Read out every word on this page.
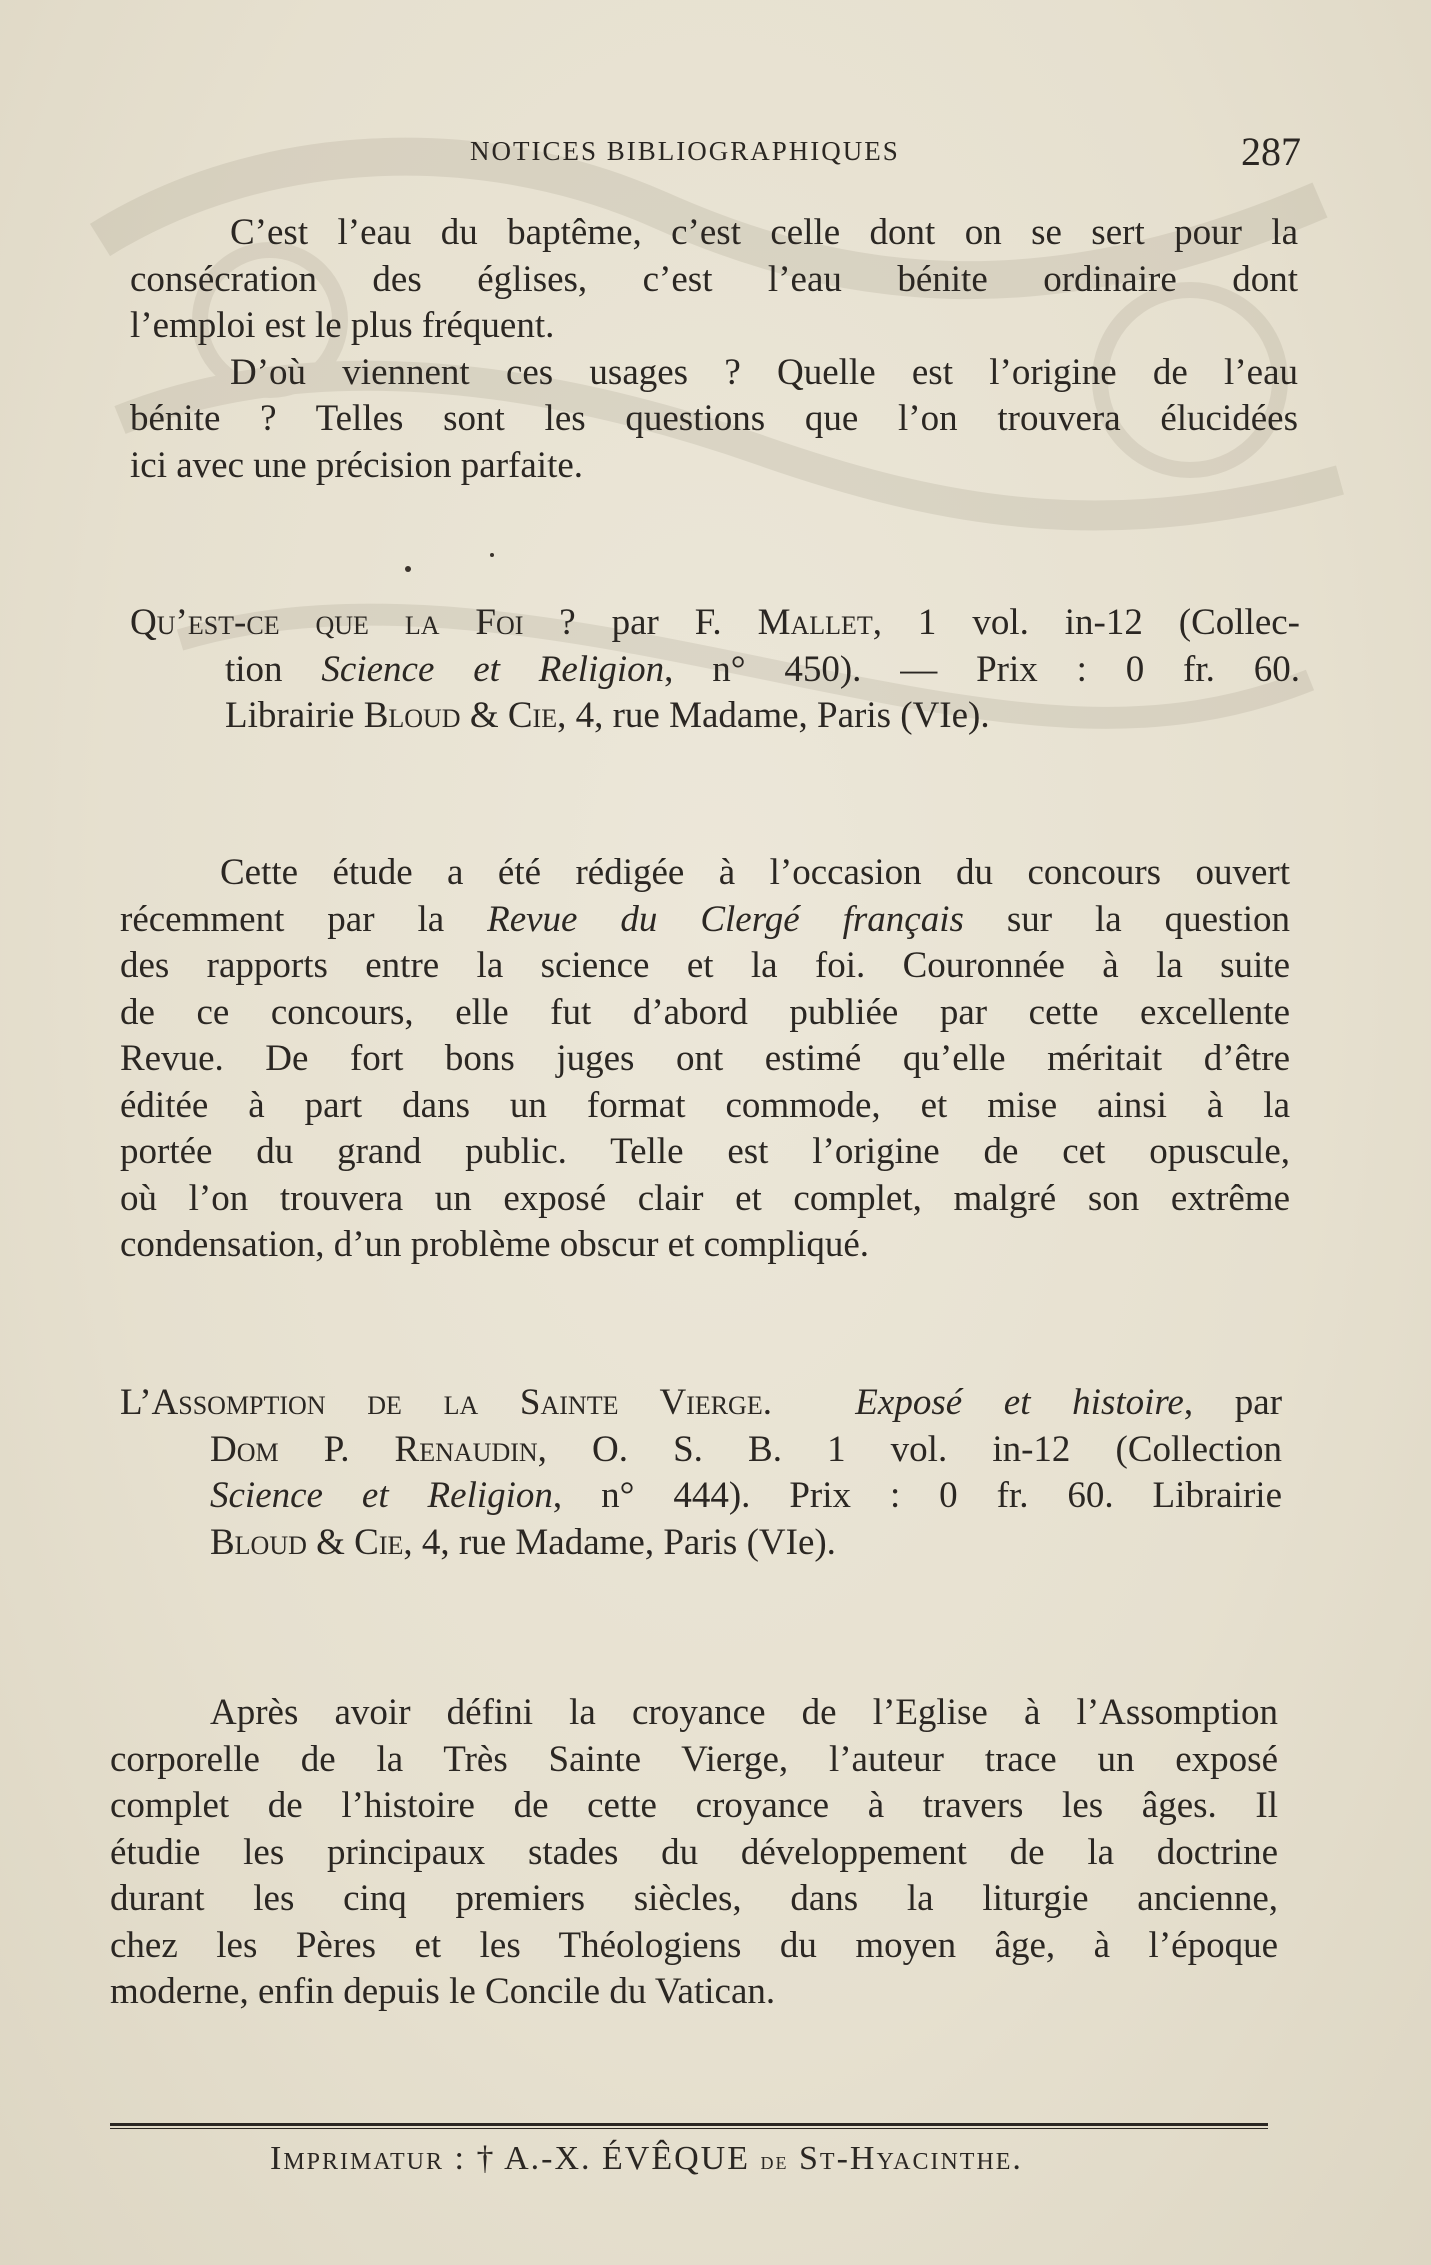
NOTICES BIBLIOGRAPHIQUES	287
C’est l’eau du baptême, c’est celle dont on se sert pour la
consécration des églises, c’est l’eau bénite ordinaire dont
l’emploi est le plus fréquent.
D’où viennent ces usages ? Quelle est l’origine de l’eau
bénite ? Telles sont les questions que l’on trouvera élucidées
ici avec une précision parfaite.
Qu’est-ce que la Foi ? par F. Mallet, 1 vol. in-12 (Collec-
tion Science et Religion, n° 450). — Prix : 0 fr. 60.
Librairie Bloud & Cie, 4, rue Madame, Paris (VIe).
Cette étude a été rédigée à l’occasion du concours ouvert
récemment par la Revue du Clergé français sur la question
des rapports entre la science et la foi. Couronnée à la suite
de ce concours, elle fut d’abord publiée par cette excellente
Revue. De fort bons juges ont estimé qu’elle méritait d’être
éditée à part dans un format commode, et mise ainsi à la
portée du grand public. Telle est l’origine de cet opuscule,
où l’on trouvera un exposé clair et complet, malgré son extrême
condensation, d’un problème obscur et compliqué.
L’Assomption de la Sainte Vierge. Exposé et histoire, par
Dom P. Renaudin, O. S. B. 1 vol. in-12 (Collection
Science et Religion, n° 444). Prix : 0 fr. 60. Librairie
Bloud & Cie, 4, rue Madame, Paris (VIe).
Après avoir défini la croyance de l’Eglise à l’Assomption
corporelle de la Très Sainte Vierge, l’auteur trace un exposé
complet de l’histoire de cette croyance à travers les âges. Il
étudie les principaux stades du développement de la doctrine
durant les cinq premiers siècles, dans la liturgie ancienne,
chez les Pères et les Théologiens du moyen âge, à l’époque
moderne, enfin depuis le Concile du Vatican.
Imprimatur : † A.-X. ÉVÊQUE de St-Hyacinthe.
